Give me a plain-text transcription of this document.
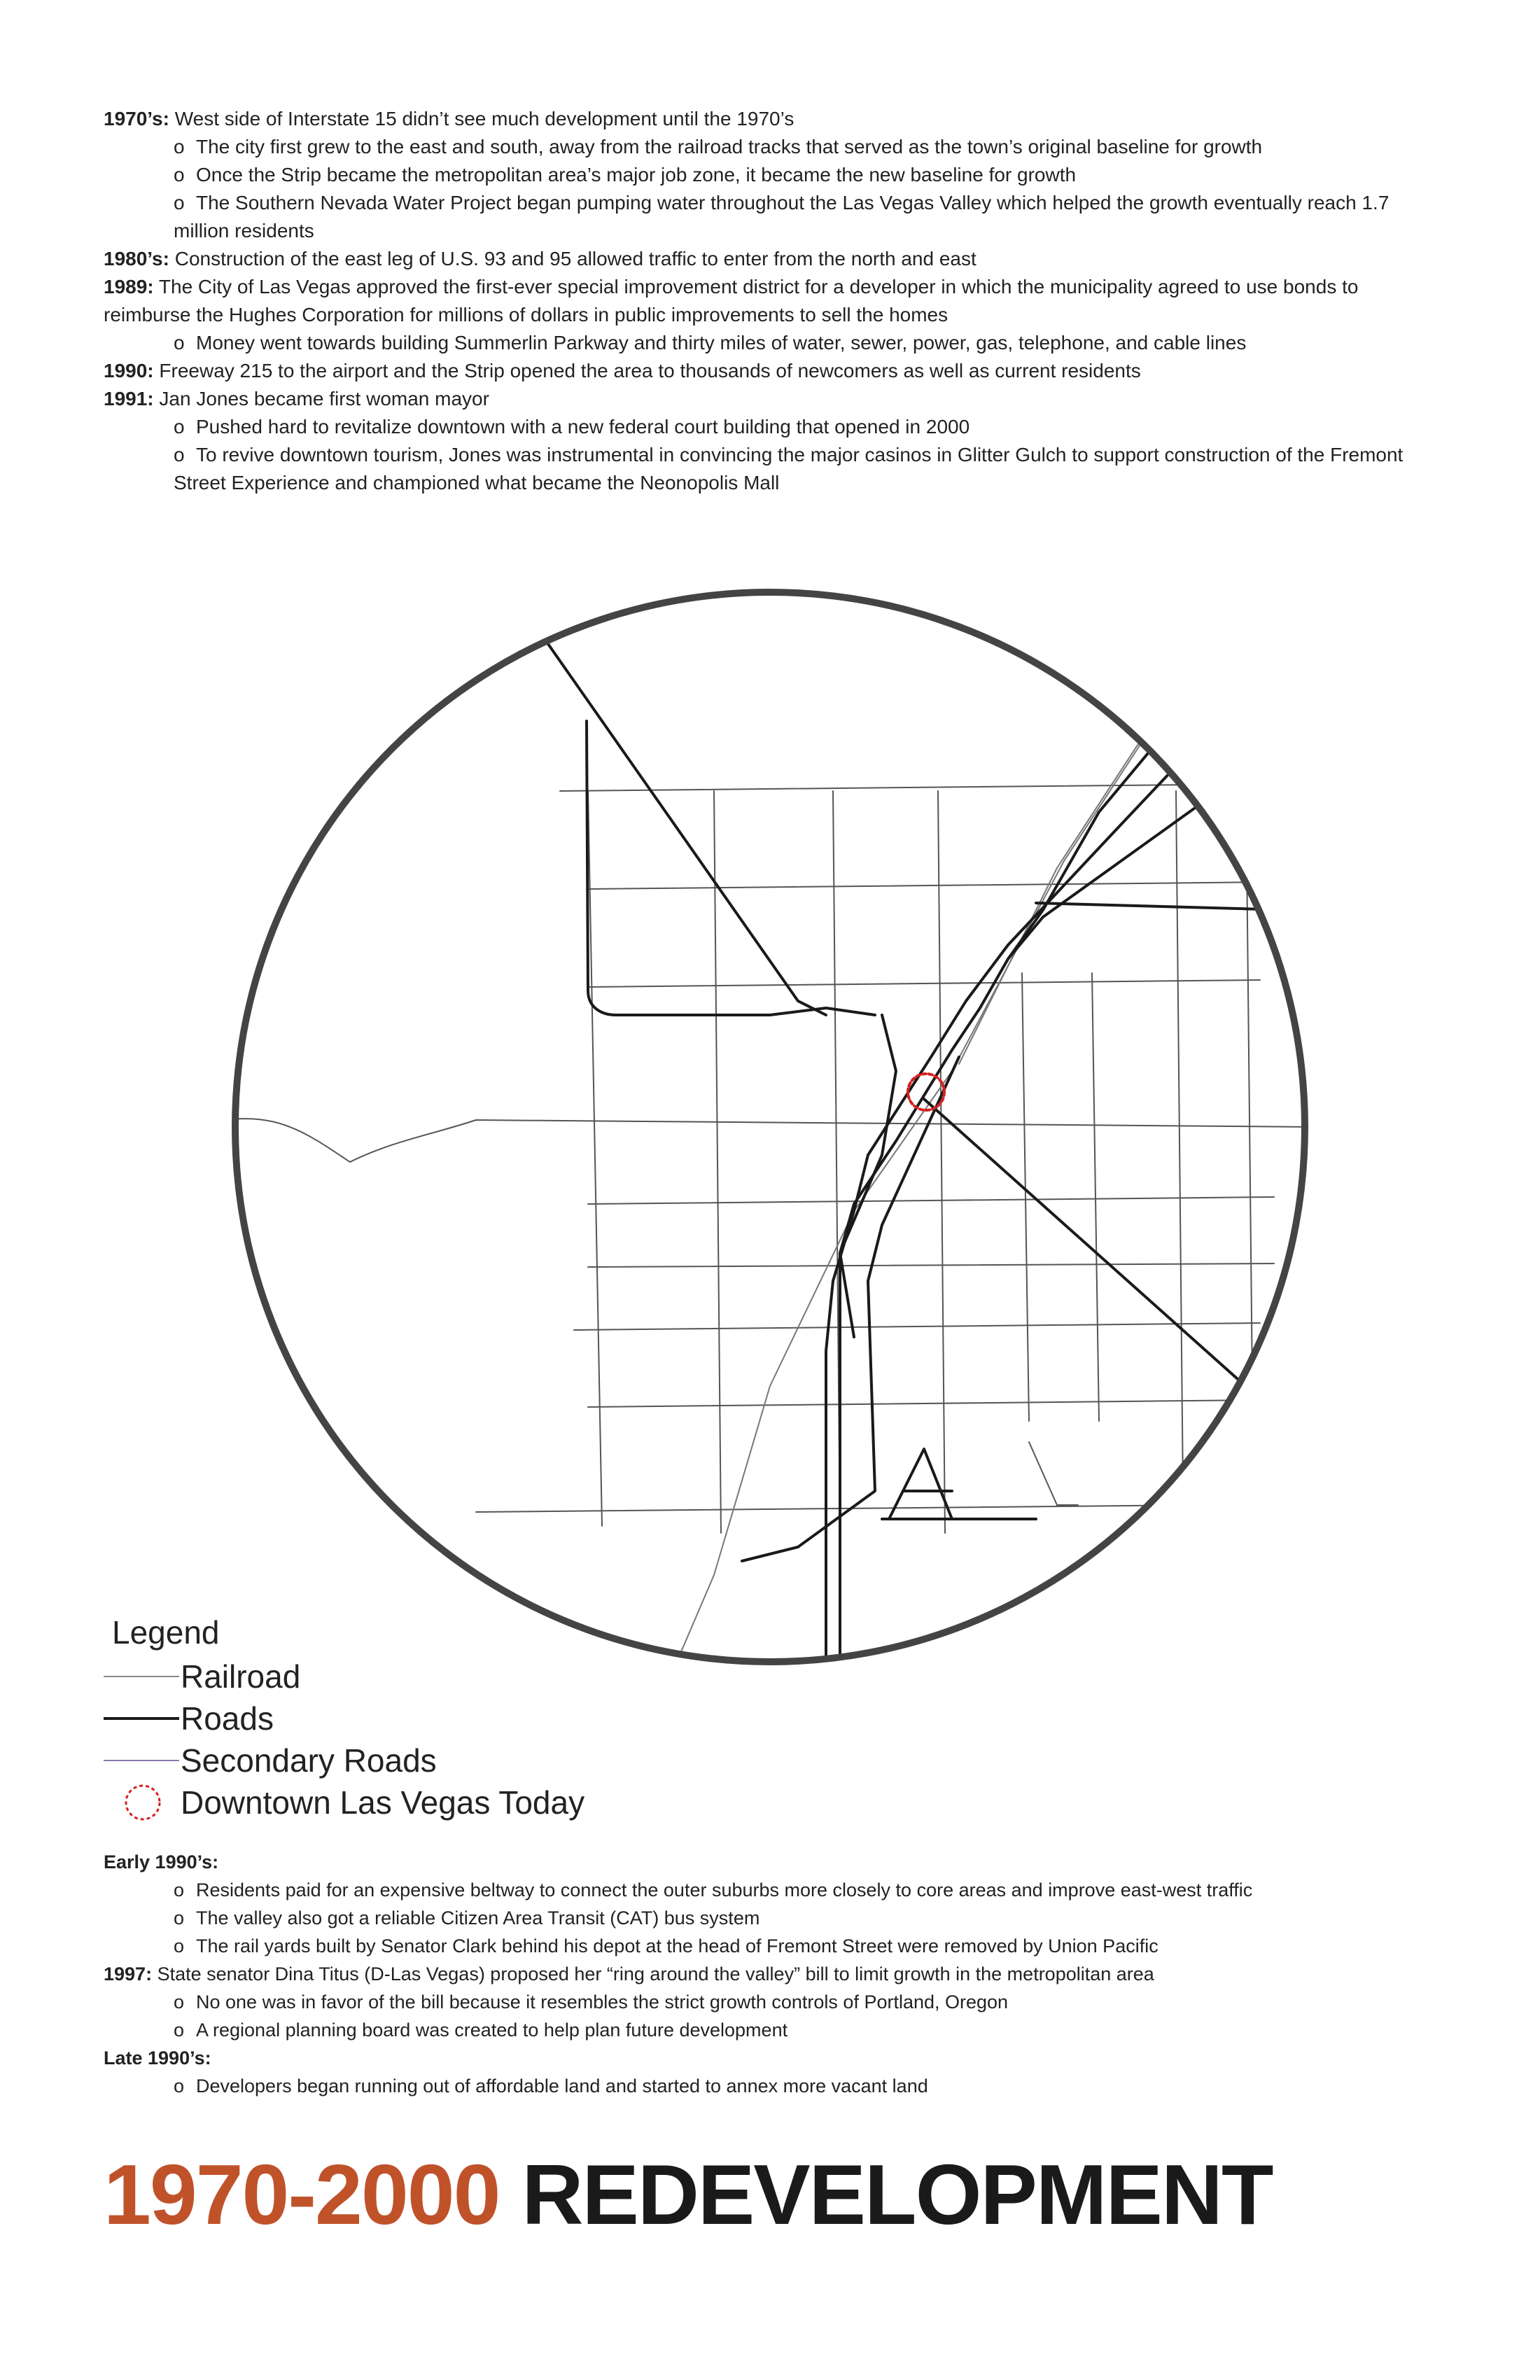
1970’s: West side of Interstate 15 didn’t see much development until the 1970’s

o The city first grew to the east and south, away from the railroad tracks that served as the town’s original baseline for growth

o Once the Strip became the metropolitan area’s major job zone, it became the new baseline for growth

o The Southern Nevada Water Project began pumping water throughout the Las Vegas Valley which helped the growth eventually reach 1.7 million residents

1980’s: Construction of the east leg of U.S. 93 and 95 allowed traffic to enter from the north and east

1989: The City of Las Vegas approved the first-ever special improvement district for a developer in which the municipality agreed to use bonds to reimburse the Hughes Corporation for millions of dollars in public improvements to sell the homes

o Money went towards building Summerlin Parkway and thirty miles of water, sewer, power, gas, telephone, and cable lines

1990: Freeway 215 to the airport and the Strip opened the area to thousands of newcomers as well as current residents

1991: Jan Jones became first woman mayor

o Pushed hard to revitalize downtown with a new federal court building that opened in 2000

o To revive downtown tourism, Jones was instrumental in convincing the major casinos in Glitter Gulch to support construction of the Fremont Street Experience and championed what became the Neonopolis Mall

Legend
Railroad
Roads
Secondary Roads
Downtown Las Vegas Today

Early 1990’s:

o Residents paid for an expensive beltway to connect the outer suburbs more closely to core areas and improve east-west traffic

o The valley also got a reliable Citizen Area Transit (CAT) bus system

o The rail yards built by Senator Clark behind his depot at the head of Fremont Street were removed by Union Pacific

1997: State senator Dina Titus (D-Las Vegas) proposed her “ring around the valley” bill to limit growth in the metropolitan area

o No one was in favor of the bill because it resembles the strict growth controls of Portland, Oregon

o A regional planning board was created to help plan future development

Late 1990’s:

o Developers began running out of affordable land and started to annex more vacant land

1970-2000 REDEVELOPMENT
